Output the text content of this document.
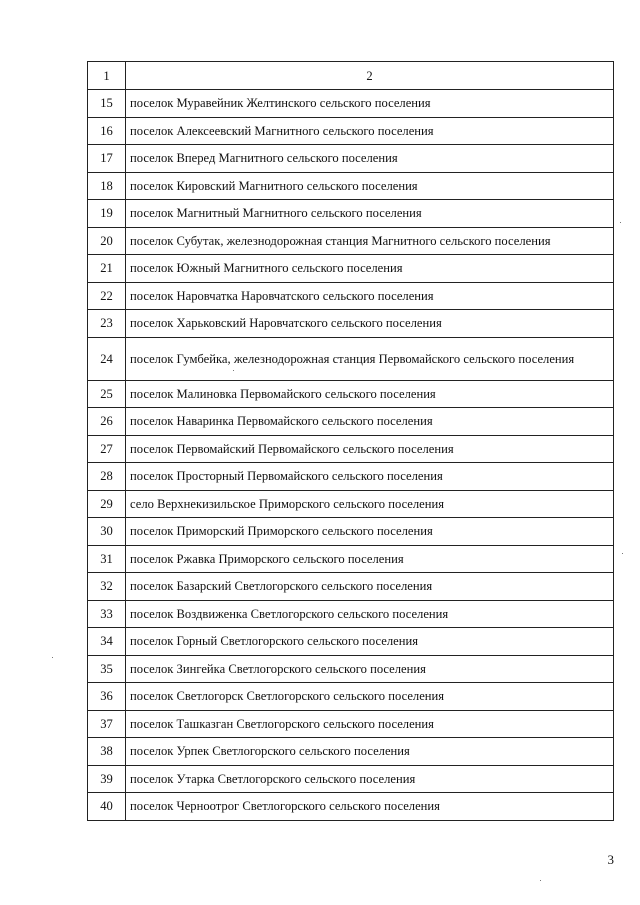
1	2
15	поселок Муравейник Желтинского сельского поселения
16	поселок Алексеевский Магнитного сельского поселения
17	поселок Вперед Магнитного сельского поселения
18	поселок Кировский Магнитного сельского поселения
19	поселок Магнитный Магнитного сельского поселения
20	поселок Субутак, железнодорожная станция Магнитного сельского поселения
21	поселок Южный Магнитного сельского поселения
22	поселок Наровчатка Наровчатского сельского поселения
23	поселок Харьковский Наровчатского сельского поселения
24	поселок Гумбейка, железнодорожная станция Первомайского сельского поселения
25	поселок Малиновка Первомайского сельского поселения
26	поселок Наваринка Первомайского сельского поселения
27	поселок Первомайский Первомайского сельского поселения
28	поселок Просторный Первомайского сельского поселения
29	село Верхнекизильское Приморского сельского поселения
30	поселок Приморский Приморского сельского поселения
31	поселок Ржавка Приморского сельского поселения
32	поселок Базарский Светлогорского сельского поселения
33	поселок Воздвиженка Светлогорского сельского поселения
34	поселок Горный Светлогорского сельского поселения
35	поселок Зингейка Светлогорского сельского поселения
36	поселок Светлогорск Светлогорского сельского поселения
37	поселок Ташказган Светлогорского сельского поселения
38	поселок Урпек Светлогорского сельского поселения
39	поселок Утарка Светлогорского сельского поселения
40	поселок Черноотрог Светлогорского сельского поселения
3
